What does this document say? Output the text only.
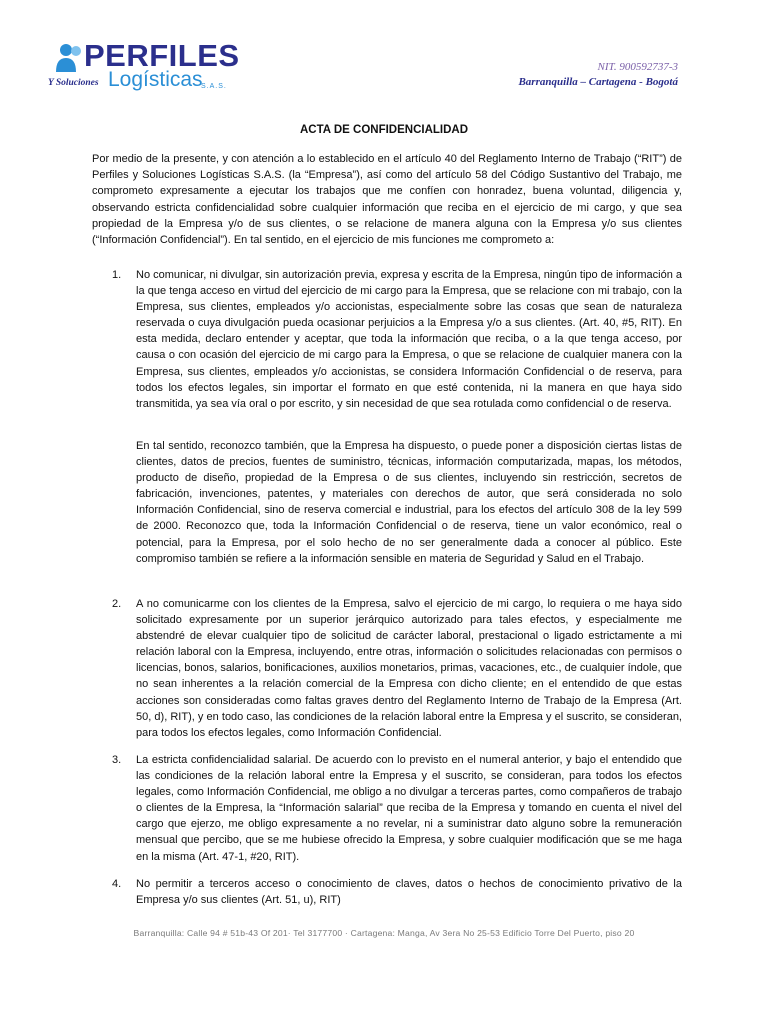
PERFILES
Y Soluciones Logísticas
S.A.S.
NIT. 900592737-3
Barranquilla – Cartagena - Bogotá
ACTA DE CONFIDENCIALIDAD
Por medio de la presente, y con atención a lo establecido en el artículo 40 del Reglamento Interno de Trabajo (“RIT”) de Perfiles y Soluciones Logísticas S.A.S. (la “Empresa”), así como del artículo 58 del Código Sustantivo del Trabajo, me comprometo expresamente a ejecutar los trabajos que me confíen con honradez, buena voluntad, diligencia y, observando estricta confidencialidad sobre cualquier información que reciba en el ejercicio de mi cargo, y que sea propiedad de la Empresa y/o de sus clientes, o se relacione de manera alguna con la Empresa y/o sus clientes (“Información Confidencial”). En tal sentido, en el ejercicio de mis funciones me comprometo a:
1. No comunicar, ni divulgar, sin autorización previa, expresa y escrita de la Empresa, ningún tipo de información a la que tenga acceso en virtud del ejercicio de mi cargo para la Empresa, que se relacione con mi trabajo, con la Empresa, sus clientes, empleados y/o accionistas, especialmente sobre las cosas que sean de naturaleza reservada o cuya divulgación pueda ocasionar perjuicios a la Empresa y/o a sus clientes. (Art. 40, #5, RIT). En esta medida, declaro entender y aceptar, que toda la información que reciba, o a la que tenga acceso, por causa o con ocasión del ejercicio de mi cargo para la Empresa, o que se relacione de cualquier manera con la Empresa, sus clientes, empleados y/o accionistas, se considera Información Confidencial o de reserva, para todos los efectos legales, sin importar el formato en que esté contenida, ni la manera en que haya sido transmitida, ya sea vía oral o por escrito, y sin necesidad de que sea rotulada como confidencial o de reserva.
En tal sentido, reconozco también, que la Empresa ha dispuesto, o puede poner a disposición ciertas listas de clientes, datos de precios, fuentes de suministro, técnicas, información computarizada, mapas, los métodos, producto de diseño, propiedad de la Empresa o de sus clientes, incluyendo sin restricción, secretos de fabricación, invenciones, patentes, y materiales con derechos de autor, que será considerada no solo Información Confidencial, sino de reserva comercial e industrial, para los efectos del artículo 308 de la ley 599 de 2000. Reconozco que, toda la Información Confidencial o de reserva, tiene un valor económico, real o potencial, para la Empresa, por el solo hecho de no ser generalmente dada a conocer al público. Este compromiso también se refiere a la información sensible en materia de Seguridad y Salud en el Trabajo.
2. A no comunicarme con los clientes de la Empresa, salvo el ejercicio de mi cargo, lo requiera o me haya sido solicitado expresamente por un superior jerárquico autorizado para tales efectos, y especialmente me abstendré de elevar cualquier tipo de solicitud de carácter laboral, prestacional o ligado estrictamente a mi relación laboral con la Empresa, incluyendo, entre otras, información o solicitudes relacionadas con permisos o licencias, bonos, salarios, bonificaciones, auxilios monetarios, primas, vacaciones, etc., de cualquier índole, que no sean inherentes a la relación comercial de la Empresa con dicho cliente; en el entendido de que estas acciones son consideradas como faltas graves dentro del Reglamento Interno de Trabajo de la Empresa (Art. 50, d), RIT), y en todo caso, las condiciones de la relación laboral entre la Empresa y el suscrito, se consideran, para todos los efectos legales, como Información Confidencial.
3. La estricta confidencialidad salarial. De acuerdo con lo previsto en el numeral anterior, y bajo el entendido que las condiciones de la relación laboral entre la Empresa y el suscrito, se consideran, para todos los efectos legales, como Información Confidencial, me obligo a no divulgar a terceras partes, como compañeros de trabajo o clientes de la Empresa, la “Información salarial” que reciba de la Empresa y tomando en cuenta el nivel del cargo que ejerzo, me obligo expresamente a no revelar, ni a suministrar dato alguno sobre la remuneración mensual que percibo, que se me hubiese ofrecido la Empresa, y sobre cualquier modificación que se me haga en la misma (Art. 47-1, #20, RIT).
4. No permitir a terceros acceso o conocimiento de claves, datos o hechos de conocimiento privativo de la Empresa y/o sus clientes (Art. 51, u), RIT)
Barranquilla: Calle 94 # 51b-43 Of 201· Tel 3177700 · Cartagena: Manga, Av 3era No 25-53 Edificio Torre Del Puerto, piso 20
